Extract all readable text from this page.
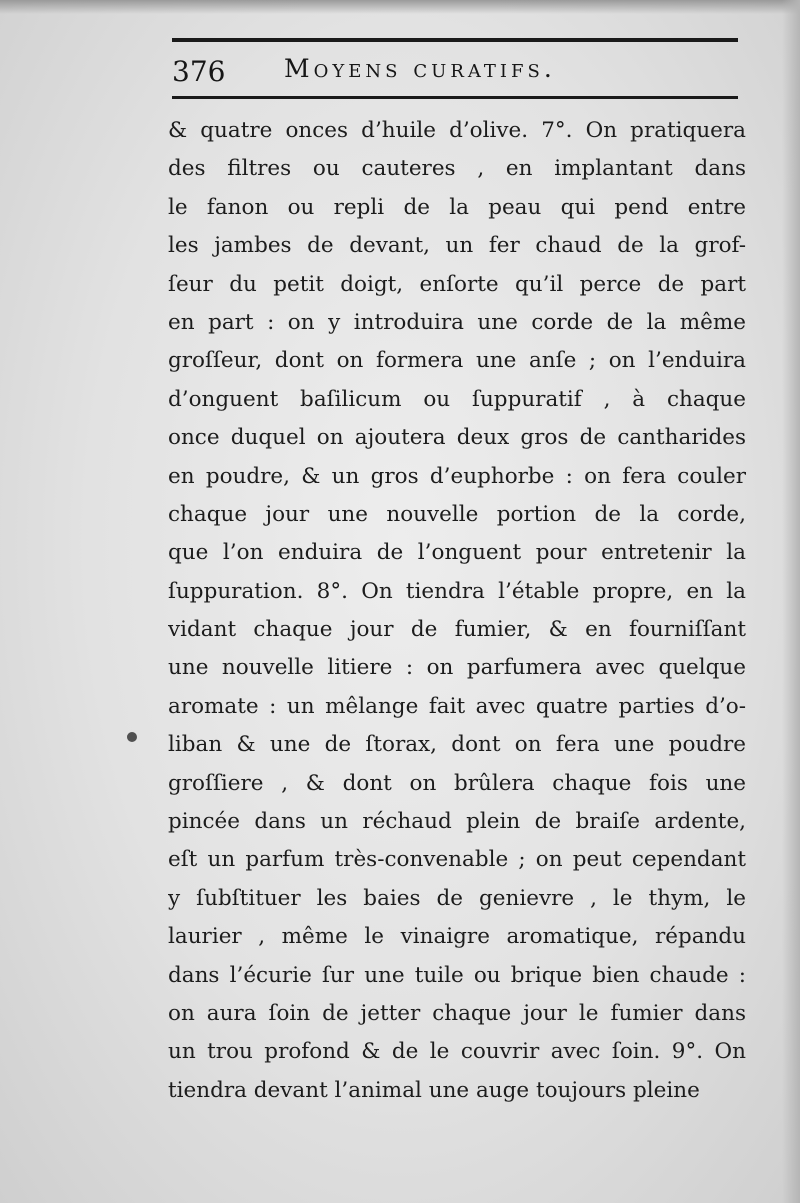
376 Moyens curatifs.
& quatre onces d’huile d’olive. 7°. On pratiquera
des filtres ou cauteres , en implantant dans
le fanon ou repli de la peau qui pend entre
les jambes de devant, un fer chaud de la grof-
ſeur du petit doigt, enſorte qu’il perce de part
en part : on y introduira une corde de la même
groſſeur, dont on formera une anſe ; on l’enduira
d’onguent baſilicum ou ſuppuratif , à chaque
once duquel on ajoutera deux gros de cantharides
en poudre, & un gros d’euphorbe : on fera couler
chaque jour une nouvelle portion de la corde,
que l’on enduira de l’onguent pour entretenir la
ſuppuration. 8°. On tiendra l’étable propre, en la
vidant chaque jour de fumier, & en fourniſſant
une nouvelle litiere : on parfumera avec quelque
aromate : un mêlange fait avec quatre parties d’o-
liban & une de ſtorax, dont on fera une poudre
groſſiere , & dont on brûlera chaque fois une
pincée dans un réchaud plein de braiſe ardente,
eſt un parfum très-convenable ; on peut cependant
y ſubſtituer les baies de genievre , le thym, le
laurier , même le vinaigre aromatique, répandu
dans l’écurie ſur une tuile ou brique bien chaude :
on aura ſoin de jetter chaque jour le fumier dans
un trou profond & de le couvrir avec ſoin. 9°. On
tiendra devant l’animal une auge toujours pleine
